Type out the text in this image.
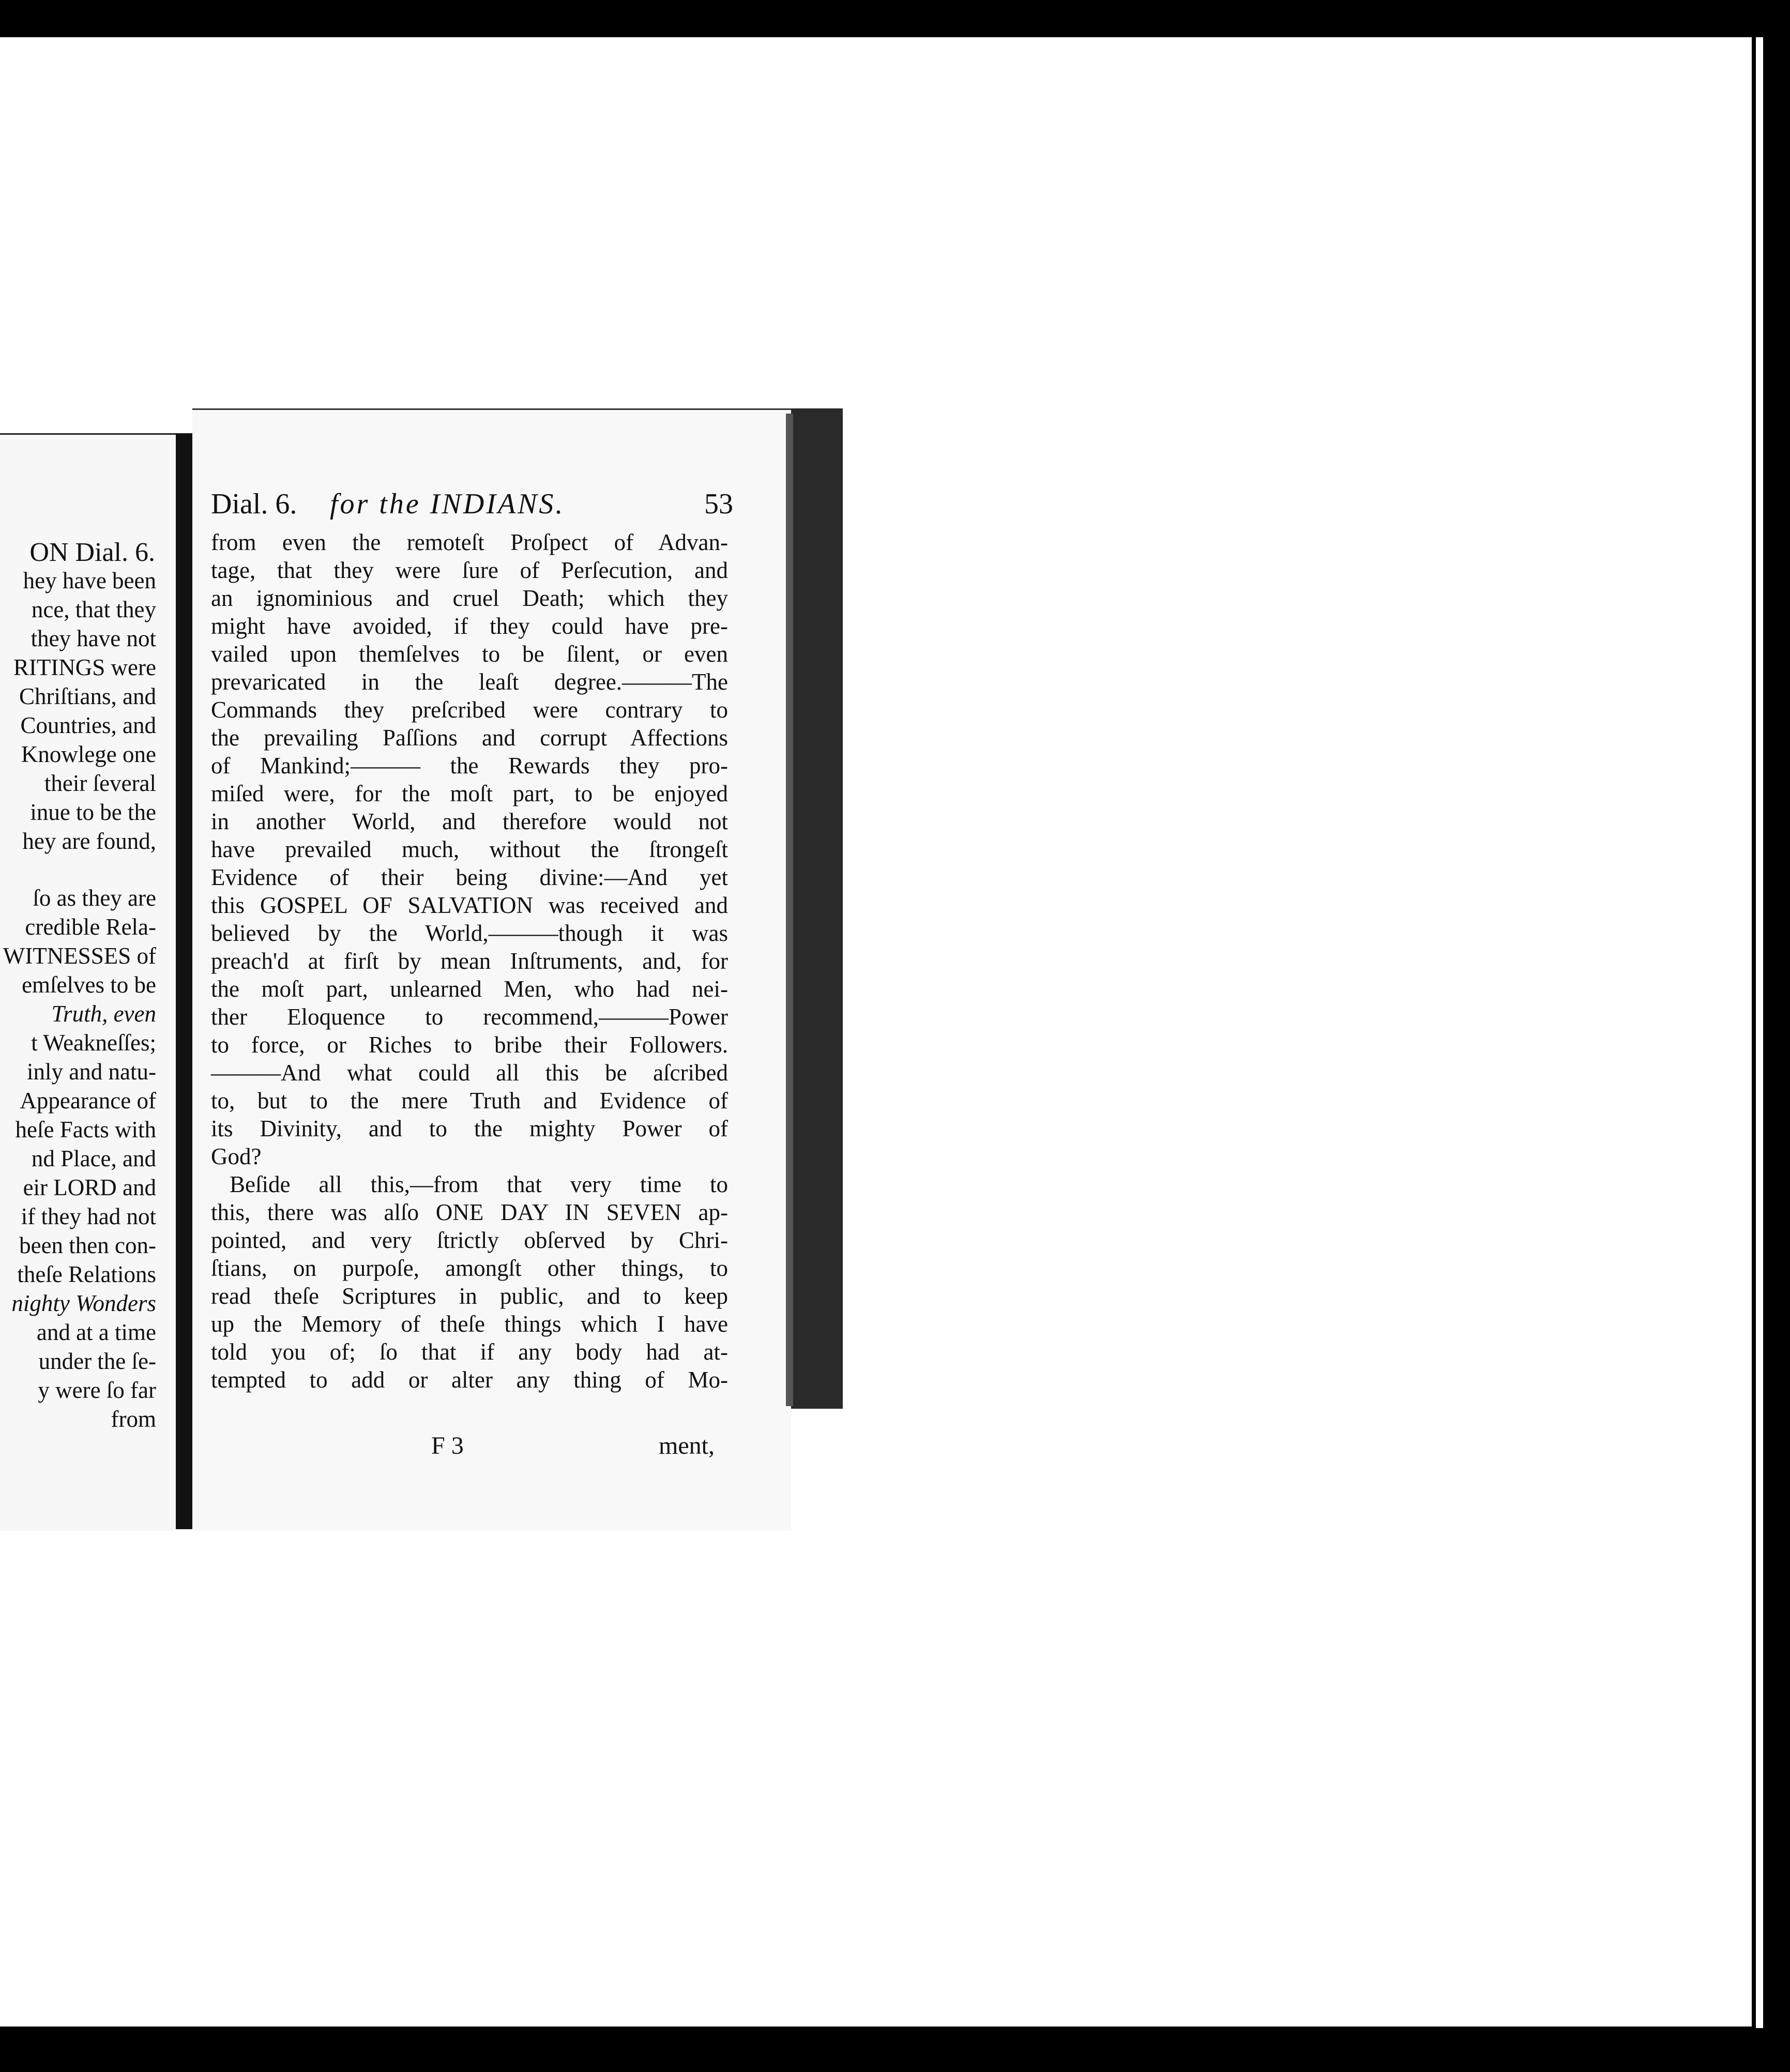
ON Dial. 6.
hey have been
nce, that they
they have not
RITINGS were
Chriſtians, and
Countries, and
Knowlege one
their ſeveral
inue to be the
hey are found,
ſo as they are
credible Rela-
WITNESSES of
emſelves to be
Truth, even
t Weakneſſes;
inly and natu-
Appearance of
heſe Facts with
nd Place, and
eir LORD and
if they had not
been then con-
theſe Relations
nighty Wonders
and at a time
under the ſe-
y were ſo far
from
Dial. 6. for the INDIANS.	53
from even the remoteſt Proſpect of Advan-
tage, that they were ſure of Perſecution, and
an ignominious and cruel Death; which they
might have avoided, if they could have pre-
vailed upon themſelves to be ſilent, or even
prevaricated in the leaſt degree.———The
Commands they preſcribed were contrary to
the prevailing Paſſions and corrupt Affections
of Mankind;——— the Rewards they pro-
miſed were, for the moſt part, to be enjoyed
in another World, and therefore would not
have prevailed much, without the ſtrongeſt
Evidence of their being divine:—And yet
this GOSPEL OF SALVATION was received and
believed by the World,———though it was
preach'd at firſt by mean Inſtruments, and, for
the moſt part, unlearned Men, who had nei-
ther Eloquence to recommend,———Power
to force, or Riches to bribe their Followers.
———And what could all this be aſcribed
to, but to the mere Truth and Evidence of
its Divinity, and to the mighty Power of
God?
Beſide all this,—from that very time to
this, there was alſo ONE DAY IN SEVEN ap-
pointed, and very ſtrictly obſerved by Chri-
ſtians, on purpoſe, amongſt other things, to
read theſe Scriptures in public, and to keep
up the Memory of theſe things which I have
told you of; ſo that if any body had at-
tempted to add or alter any thing of Mo-
F 3	ment,
